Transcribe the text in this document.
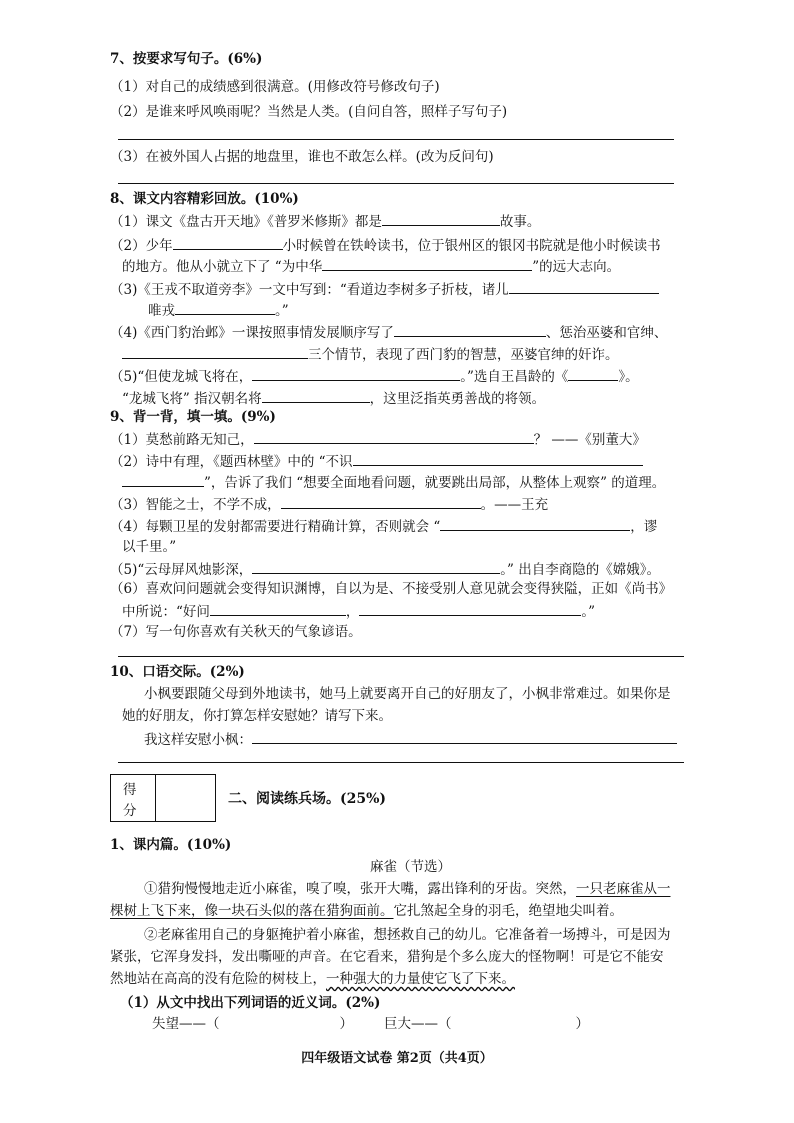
7、按要求写句子。(6%)
（1）对自己的成绩感到很满意。(用修改符号修改句子)
（2）是谁来呼风唤雨呢？当然是人类。(自问自答，照样子写句子)
（3）在被外国人占据的地盘里，谁也不敢怎么样。(改为反问句)
8、课文内容精彩回放。(10%)
（1）课文《盘古开天地》《普罗米修斯》都是	故事。
（2）少年	小时候曾在铁岭读书，位于银州区的银冈书院就是他小时候读书
的地方。他从小就立下了 “为中华	”的远大志向。
（3)《王戎不取道旁李》一文中写到：“看道边李树多子折枝，诸儿
唯戎	。”
（4)《西门豹治邺》一课按照事情发展顺序写了	、惩治巫婆和官绅、
三个情节，表现了西门豹的智慧，巫婆官绅的奸诈。
（5)“但使龙城飞将在，	。”选自王昌龄的《	》。
“龙城飞将” 指汉朝名将	，这里泛指英勇善战的将领。
9、背一背，填一填。(9%)
（1）莫愁前路无知己，	？ ——《别董大》
（2）诗中有理，《题西林壁》中的 “不识
”，告诉了我们 “想要全面地看问题，就要跳出局部，从整体上观察” 的道理。
（3）智能之士，不学不成，	。——王充
（4）每颗卫星的发射都需要进行精确计算，否则就会 “	，谬
以千里。”
（5)“云母屏风烛影深，	。” 出自李商隐的《嫦娥》。
（6）喜欢问问题就会变得知识渊博，自以为是、不接受别人意见就会变得狭隘，正如《尚书》
中所说：“好问	，	。”
（7）写一句你喜欢有关秋天的气象谚语。
10、口语交际。(2%)
小枫要跟随父母到外地读书，她马上就要离开自己的好朋友了，小枫非常难过。如果你是
她的好朋友，你打算怎样安慰她？请写下来。
我这样安慰小枫：
得
分
二、阅读练兵场。(25%)
1、课内篇。(10%)
麻雀（节选）
①猎狗慢慢地走近小麻雀，嗅了嗅，张开大嘴，露出锋利的牙齿。突然，一只老麻雀从一
棵树上飞下来，像一块石头似的落在猎狗面前。它扎煞起全身的羽毛，绝望地尖叫着。
②老麻雀用自己的身躯掩护着小麻雀，想拯救自己的幼儿。它准备着一场搏斗，可是因为
紧张，它浑身发抖，发出嘶哑的声音。在它看来，猎狗是个多么庞大的怪物啊！可是它不能安
然地站在高高的没有危险的树枝上，一种强大的力量使它飞了下来。
（1）从文中找出下列词语的近义词。(2%)
失望——（	） 巨大——（	）
四年级语文试卷 第2页（共4页）
